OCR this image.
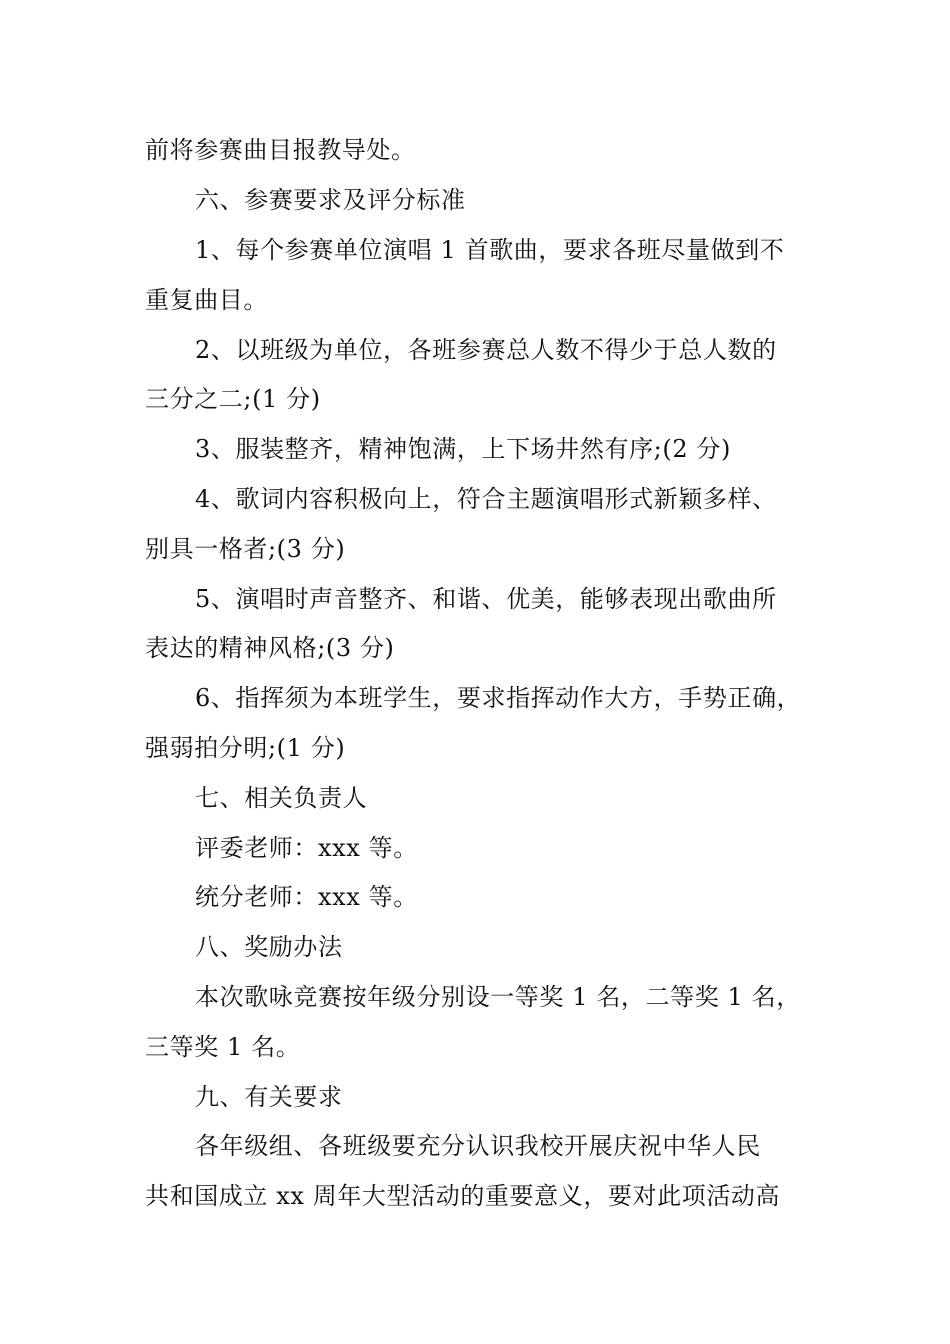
前将参赛曲目报教导处。
六、参赛要求及评分标准
1、每个参赛单位演唱 1 首歌曲，要求各班尽量做到不
重复曲目。
2、以班级为单位，各班参赛总人数不得少于总人数的
三分之二;(1 分)
3、服装整齐，精神饱满，上下场井然有序;(2 分)
4、歌词内容积极向上，符合主题演唱形式新颖多样、
别具一格者;(3 分)
5、演唱时声音整齐、和谐、优美，能够表现出歌曲所
表达的精神风格;(3 分)
6、指挥须为本班学生，要求指挥动作大方，手势正确，
强弱拍分明;(1 分)
七、相关负责人
评委老师：xxx 等。
统分老师：xxx 等。
八、奖励办法
本次歌咏竞赛按年级分别设一等奖 1 名，二等奖 1 名，
三等奖 1 名。
九、有关要求
各年级组、各班级要充分认识我校开展庆祝中华人民
共和国成立 xx 周年大型活动的重要意义，要对此项活动高
